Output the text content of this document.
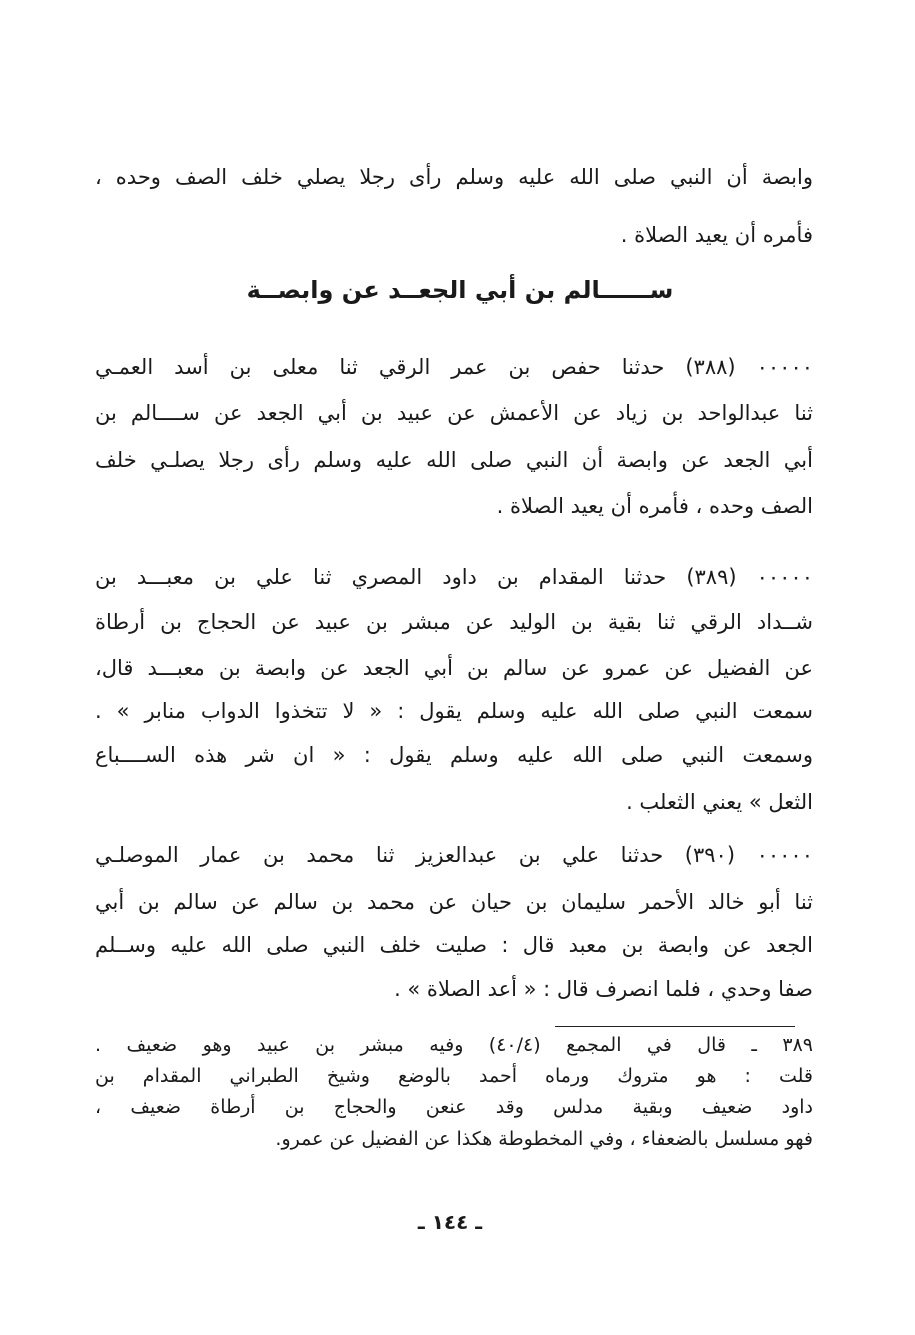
وابصة أن النبي صلى الله عليه وسلم رأى رجلا يصلي خلف الصف وحده ،
فأمره أن يعيد الصلاة .
ســــــالم بن أبي الجعــد عن وابصــة
٠٠٠٠٠ (٣٨٨) حدثنا حفص بن عمر الرقي ثنا معلى بن أسد العمـي
ثنا عبدالواحد بن زياد عن الأعمش عن عبيد بن أبي الجعد عن ســــالم بن
أبي الجعد عن وابصة أن النبي صلى الله عليه وسلم رأى رجلا يصلـي خلف
الصف وحده ، فأمره أن يعيد الصلاة .
٠٠٠٠٠ (٣٨٩) حدثنا المقدام بن داود المصري ثنا علي بن معبـــد بن
شــداد الرقي ثنا بقية بن الوليد عن مبشر بن عبيد عن الحجاج بن أرطاة
عن الفضيل عن عمرو عن سالم بن أبي الجعد عن وابصة بن معبـــد قال،
سمعت النبي صلى الله عليه وسلم يقول : « لا تتخذوا الدواب منابر » .
وسمعت النبي صلى الله عليه وسلم يقول : « ان شر هذه الســــباع
الثعل » يعني الثعلب .
٠٠٠٠٠ (٣٩٠) حدثنا علي بن عبدالعزيز ثنا محمد بن عمار الموصلـي
ثنا أبو خالد الأحمر سليمان بن حيان عن محمد بن سالم عن سالم بن أبي
الجعد عن وابصة بن معبد قال : صليت خلف النبي صلى الله عليه وســلم
صفا وحدي ، فلما انصرف قال : « أعد الصلاة » .
٣٨٩ ـ قال في المجمع (٤٠/٤) وفيه مبشر بن عبيد وهو ضعيف .
قلت : هو متروك ورماه أحمد بالوضع وشيخ الطبراني المقدام بن
داود ضعيف وبقية مدلس وقد عنعن والحجاج بن أرطاة ضعيف ،
فهو مسلسل بالضعفاء ، وفي المخطوطة هكذا عن الفضيل عن عمرو.
ـ ١٤٤ ـ
